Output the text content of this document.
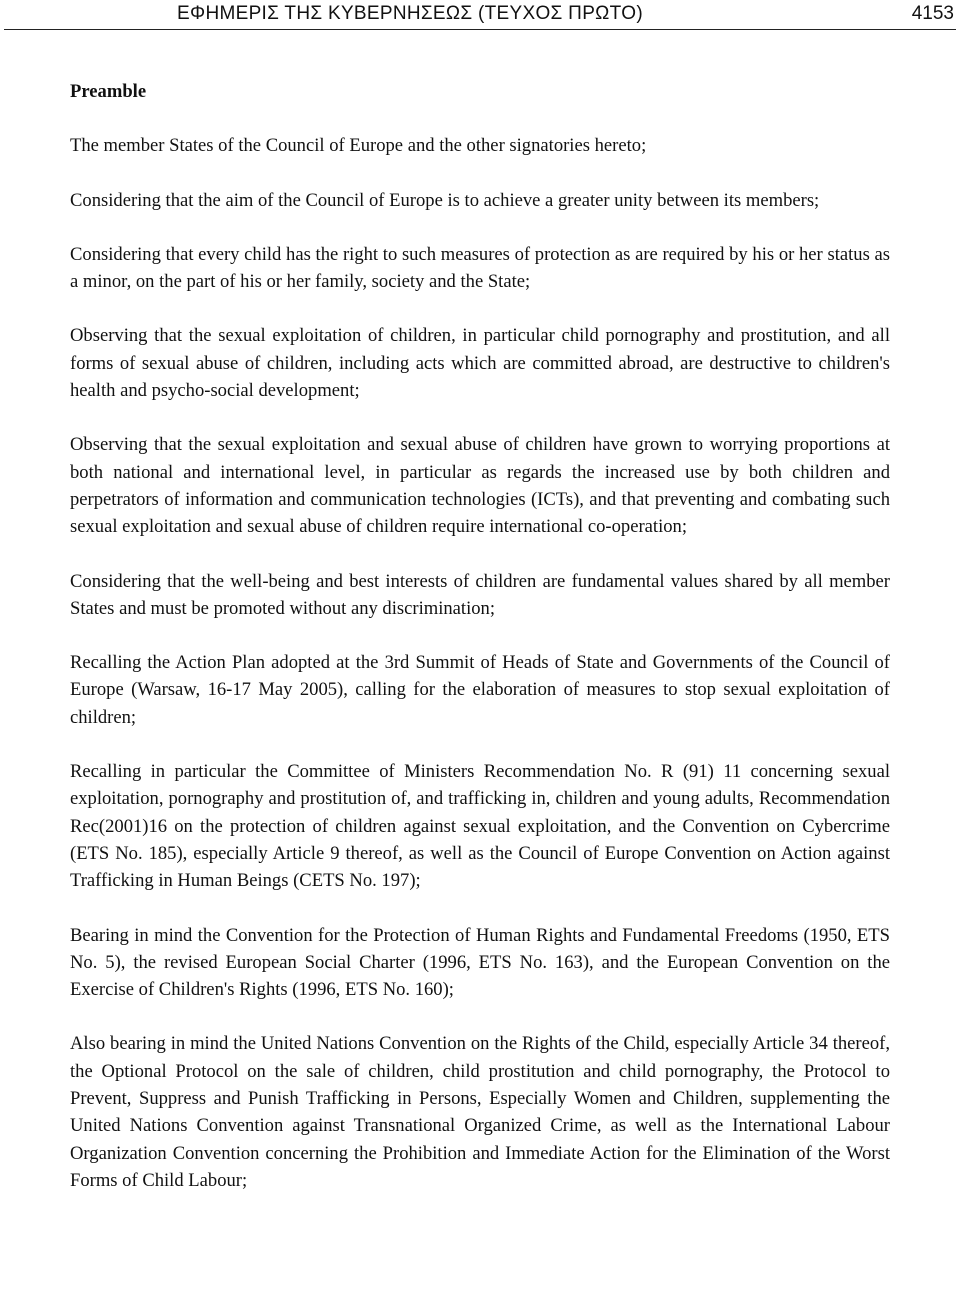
ΕΦΗΜΕΡΙΣ ΤΗΣ ΚΥΒΕΡΝΗΣΕΩΣ (ΤΕΥΧΟΣ ΠΡΩΤΟ)	4153
Preamble

The member States of the Council of Europe and the other signatories hereto;

Considering that the aim of the Council of Europe is to achieve a greater unity between its members;

Considering that every child has the right to such measures of protection as are required by his or her status as a minor, on the part of his or her family, society and the State;

Observing that the sexual exploitation of children, in particular child pornography and prostitution, and all forms of sexual abuse of children, including acts which are committed abroad, are destructive to children's health and psycho-social development;

Observing that the sexual exploitation and sexual abuse of children have grown to worrying proportions at both national and international level, in particular as regards the increased use by both children and perpetrators of information and communication technologies (ICTs), and that preventing and combating such sexual exploitation and sexual abuse of children require international co-operation;

Considering that the well-being and best interests of children are fundamental values shared by all member States and must be promoted without any discrimination;

Recalling the Action Plan adopted at the 3rd Summit of Heads of State and Governments of the Council of Europe (Warsaw, 16-17 May 2005), calling for the elaboration of measures to stop sexual exploitation of children;

Recalling in particular the Committee of Ministers Recommendation No. R (91) 11 concerning sexual exploitation, pornography and prostitution of, and trafficking in, children and young adults, Recommendation Rec(2001)16 on the protection of children against sexual exploitation, and the Convention on Cybercrime (ETS No. 185), especially Article 9 thereof, as well as the Council of Europe Convention on Action against Trafficking in Human Beings (CETS No. 197);

Bearing in mind the Convention for the Protection of Human Rights and Fundamental Freedoms (1950, ETS No. 5), the revised European Social Charter (1996, ETS No. 163), and the European Convention on the Exercise of Children's Rights (1996, ETS No. 160);

Also bearing in mind the United Nations Convention on the Rights of the Child, especially Article 34 thereof, the Optional Protocol on the sale of children, child prostitution and child pornography, the Protocol to Prevent, Suppress and Punish Trafficking in Persons, Especially Women and Children, supplementing the United Nations Convention against Transnational Organized Crime, as well as the International Labour Organization Convention concerning the Prohibition and Immediate Action for the Elimination of the Worst Forms of Child Labour;
